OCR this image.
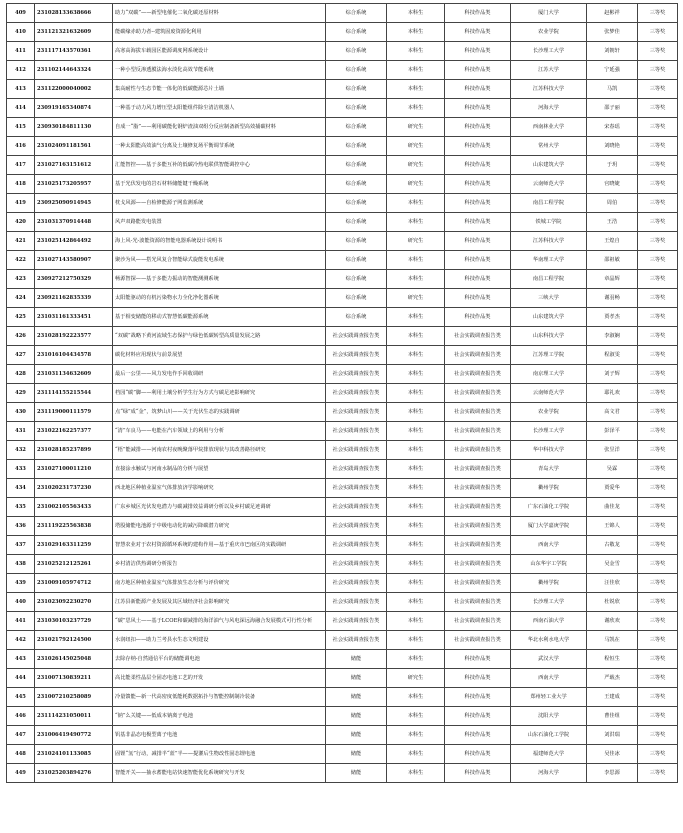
409	231028133638666	助力“双碳”——新型电催化二氧化碳还原材料	综合系统	本科生	科技作品类	厦门大学	赵彬祥	三等奖
410	231121321632609	能碳缘赤助力者--建筑固废资源化利用	综合系统	本科生	科技作品类	农业学院	张梦佳	三等奖
411	231117143570361	高寒高海拔车载园区能源调度网系统设计	综合系统	本科生	科技作品类	长沙理工大学	刘朝轩	三等奖
412	231102144643324	一种小型反渗透膜法海水淡化高效节能系统	综合系统	本科生	科技作品类	江苏大学	宁延强	三等奖
413	231122000040002	集高耐性与生态节能一体化的低碳能源芯片土墙	综合系统	本科生	科技作品类	江苏科技大学	马凯	三等奖
414	230919165340874	一种基于动力风力增压型太阳能组件除尘清洁机器人	综合系统	本科生	科技作品类	河海大学	邵子丽	三等奖
415	230930184811130	自成一“脂”——利用碳能化钢炉渣油双组分反应制备新型高效捕碳材料	综合系统	研究生	科技作品类	西南林业大学	宋春瑶	三等奖
416	231024091181561	一种太阳能高效油气分离及土壤修复场平衡调节系统	综合系统	研究生	科技作品类	常州大学	刘晓艳	三等奖
417	231027163151612	汇能智控——基于多能互补的低碳冷热电联供智能调控中心	综合系统	研究生	科技作品类	山东建筑大学	于玥	三等奖
418	231025173205957	基于光伏发电的岩石材料储能键干燥系统	综合系统	研究生	科技作品类	云南师范大学	官晓婕	三等奖
419	230925090914945	枕戈风源——自检修能源子网监测系统	综合系统	本科生	科技作品类	南昌工程学院	周伯	三等奖
420	231031370914448	风声双路能发电装置	综合系统	本科生	科技作品类	铁城工学院	王浩	三等奖
421	231025142864492	海上风-光-波能资源的智能电器系统设计说明书	综合系统	研究生	科技作品类	江苏科技大学	王煌自	三等奖
422	231027143580907	聚沙为风——搭光风复合智能绿式旋能发电系统	综合系统	本科生	科技作品类	华南理工大学	邵祖敏	三等奖
423	230927212750329	畅源智探——基于多能力振动的智能测测系统	综合系统	本科生	科技作品类	南昌工程学院	章晶辉	三等奖
424	230921162835339	太阳能驱动的有机污染物水力全化净化器系统	综合系统	研究生	科技作品类	三峡大学	谢羽畅	三等奖
425	231031161333451	基于相变储能的移动式智慧低碳能源系统	综合系统	本科生	科技作品类	山东建筑大学	贾孝杰	三等奖
426	231028192223577	“双碳”战略下黄河流域生态保护与绿色低碳转型高质量发展之路	社会实践调查报告类	本科生	社会实践调查报告类	山东科技大学	李淑娴	三等奖
427	231016104434578	碳化材料应用现状与前景展望	社会实践调查报告类	本科生	社会实践调查报告类	江苏理工学院	程淑雯	三等奖
428	231031134632609	最后一公里——风力发电作手回收调研	社会实践调查报告类	本科生	社会实践调查报告类	南京理工大学	刘子辉	三等奖
429	231114155215544	档园“碳”脚——利用土壤分析学生行为方式与碳足迹影响研究	社会实践调查报告类	本科生	社会实践调查报告类	云南师范大学	耶礼欢	三等奖
430	231119000111579	点“绿”成“金”，筑梦山川——关于光伏生态的实践调研	社会实践调查报告类	本科生	社会实践调查报告类	农业学院	高文君	三等奖
431	231022162257377	“清”车良马——电能在汽车领域上的利用与分析	社会实践调查报告类	本科生	社会实践调查报告类	长沙理工大学	彭泽平	三等奖
432	231028185237899	“梧”能减排——河南农村夜晚聚落甲烷排放现状与其改善路径研究	社会实践调查报告类	本科生	社会实践调查报告类	华中科技大学	张昱洋	三等奖
433	231027100011210	直接涂水触试与河南水制品的分析与展望	社会实践调查报告类	本科生	社会实践调查报告类	青岛大学	吴霖	三等奖
434	231020231737230	西北地区种植业温室气体排放济学影响研究	社会实践调查报告类	本科生	社会实践调查报告类	衢州学院	贾爱华	三等奖
435	231002105563433	广东乡城区光伏发电潜力与碳减排效益调研分析以及乡村碳足迹调研	社会实践调查报告类	本科生	社会实践调查报告类	广东石油化工学院	曲佳龙	三等奖
436	231119225563838	塔股储能电池源于中级电动化的减污降碳潜力研究	社会实践调查报告类	本科生	社会实践调查报告类	厦门大学嘉庚学院	王锦人	三等奖
437	231029163311259	智慧农业对于农村资源循环系统的建构作用—基于重庆市巴南区的实践调研	社会实践调查报告类	本科生	社会实践调查报告类	西南大学	古敬龙	三等奖
438	231025212125261	乡村清洁供热调研分析报告	社会实践调查报告类	本科生	社会实践调查报告类	山东华宇工学院	吴金雪	三等奖
439	231009105974712	南方地区种植业温室气体排放生态分析与评价研究	社会实践调查报告类	本科生	社会实践调查报告类	衢州学院	汪佳欣	三等奖
440	231023092230270	江苏县新能源产业发展及其区域经济社会影响研究	社会实践调查报告类	本科生	社会实践调查报告类	长沙理工大学	杜锐欣	三等奖
441	231030103237729	“碳”思风土——基于LCOE和碳减排的海洋油气与风电深远海融合发展模式可行性分析	社会实践调查报告类	本科生	社会实践调查报告类	西南石油大学	谢欣欢	三等奖
442	231021792124500	水润纽扣——助力兰考县水生态文明建设	社会实践调查报告类	本科生	社会实践调查报告类	华北水利水电大学	马凯在	三等奖
443	231026145025048	去除存纳-自然通信平台的储能调电池	储能	本科生	科技作品类	武汉大学	程恒生	三等奖
444	231007130839211	高比能柔性晶层全固态电池工艺的开发	储能	研究生	科技作品类	西南大学	严载杰	三等奖
445	231007210258089	冷量馈能—新一代高密度低能耗数据拓扑与智能控制制冷装备	储能	本科生	科技作品类	郑州轻工业大学	王建成	三等奖
446	231114231050011	“钠”么关键——低成本钠离子电池	储能	本科生	科技作品类	沈阳大学	曹佳组	三等奖
447	231006419490772	钒基非晶态电极型离子电池	储能	本科生	科技作品类	山东石油化工学院	刘洪瑞	三等奖
448	231024101133085	固锂“氢”行动，减排半“蓝”半——提灌后生物改性固态锂电池	储能	本科生	科技作品类	福建师范大学	吴佳冰	三等奖
449	231025203894276	智能开关——抽水蓄能电站快速智能优化系统研究与开发	储能	本科生	科技作品类	河海大学	李思源	三等奖
